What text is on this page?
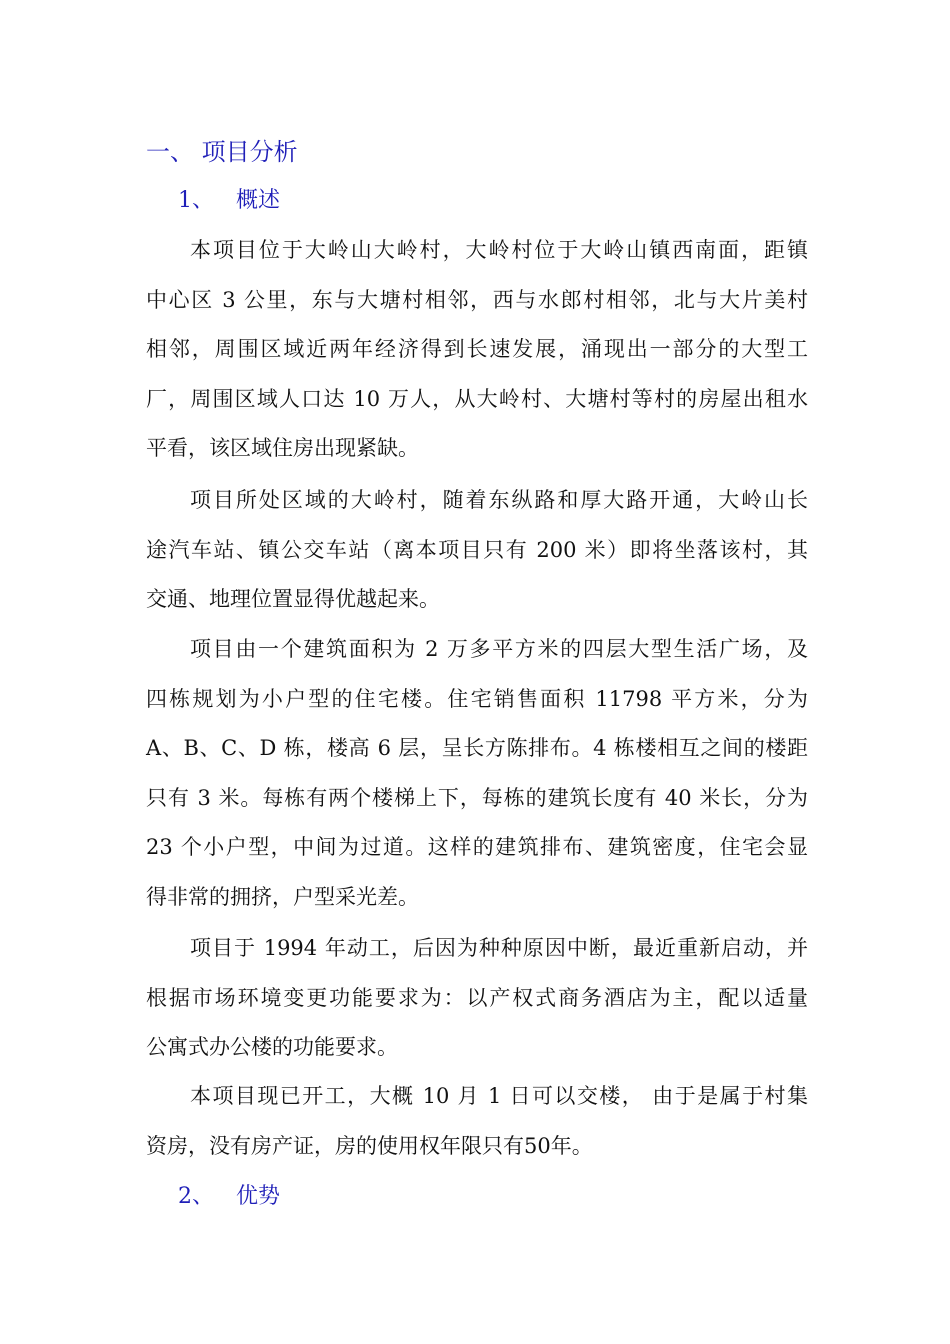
一、 项目分析
1、 概述

本项目位于大岭山大岭村，大岭村位于大岭山镇西南面，距镇
中心区 3 公里，东与大塘村相邻，西与水郎村相邻，北与大片美村
相邻，周围区域近两年经济得到长速发展，涌现出一部分的大型工
厂，周围区域人口达 10 万人，从大岭村、大塘村等村的房屋出租水
平看，该区域住房出现紧缺。

项目所处区域的大岭村，随着东纵路和厚大路开通，大岭山长
途汽车站、镇公交车站（离本项目只有 200 米）即将坐落该村，其
交通、地理位置显得优越起来。

项目由一个建筑面积为 2 万多平方米的四层大型生活广场，及
四栋规划为小户型的住宅楼。住宅销售面积 11798 平方米，分为
A、B、C、D 栋，楼高 6 层，呈长方陈排布。4 栋楼相互之间的楼距
只有 3 米。每栋有两个楼梯上下，每栋的建筑长度有 40 米长，分为
23 个小户型，中间为过道。这样的建筑排布、建筑密度，住宅会显
得非常的拥挤，户型采光差。

项目于 1994 年动工，后因为种种原因中断，最近重新启动，并
根据市场环境变更功能要求为：以产权式商务酒店为主，配以适量
公寓式办公楼的功能要求。

本项目现已开工，大概 10 月 1 日可以交楼， 由于是属于村集
资房，没有房产证，房的使用权年限只有50年。

2、 优势
